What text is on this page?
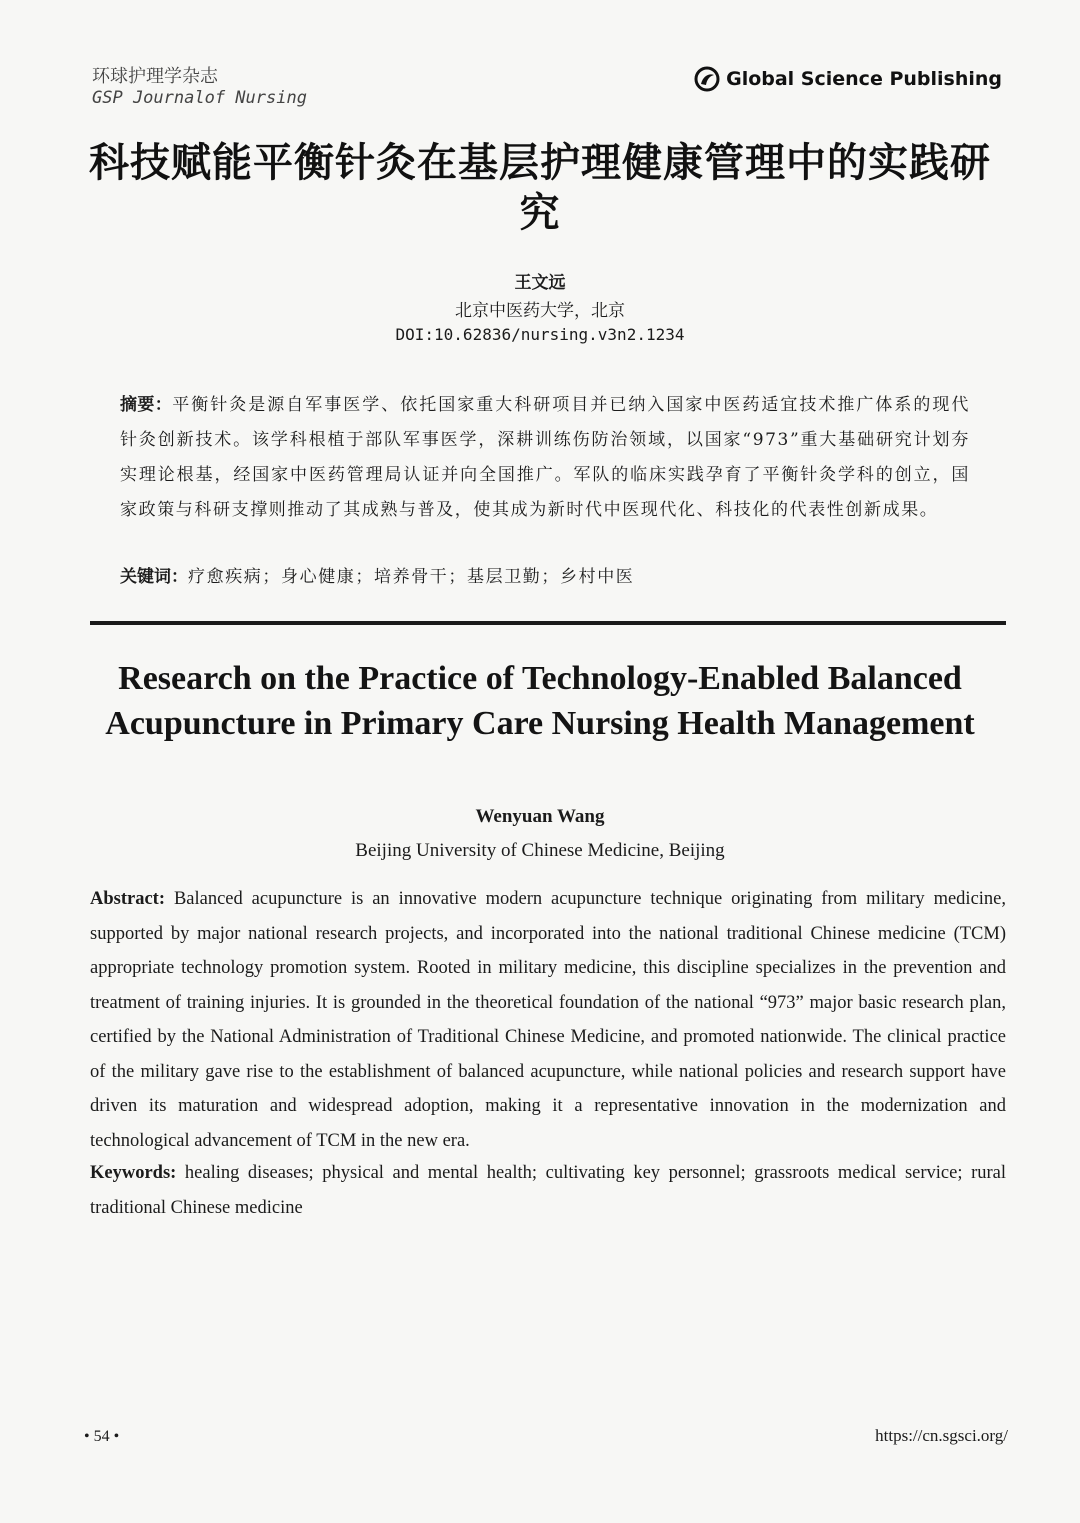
环球护理学杂志
GSP Journalof Nursing
Global Science Publishing
科技赋能平衡针灸在基层护理健康管理中的实践研究
王文远
北京中医药大学，北京
DOI:10.62836/nursing.v3n2.1234
摘要：平衡针灸是源自军事医学、依托国家重大科研项目并已纳入国家中医药适宜技术推广体系的现代针灸创新技术。该学科根植于部队军事医学，深耕训练伤防治领域，以国家“973”重大基础研究计划夯实理论根基，经国家中医药管理局认证并向全国推广。军队的临床实践孕育了平衡针灸学科的创立，国家政策与科研支撑则推动了其成熟与普及，使其成为新时代中医现代化、科技化的代表性创新成果。
关键词：疗愈疾病；身心健康；培养骨干；基层卫勤；乡村中医
Research on the Practice of Technology-Enabled Balanced Acupuncture in Primary Care Nursing Health Management
Wenyuan Wang
Beijing University of Chinese Medicine, Beijing
Abstract: Balanced acupuncture is an innovative modern acupuncture technique originating from military medicine, supported by major national research projects, and incorporated into the national traditional Chinese medicine (TCM) appropriate technology promotion system. Rooted in military medicine, this discipline specializes in the prevention and treatment of training injuries. It is grounded in the theoretical foundation of the national “973” major basic research plan, certified by the National Administration of Traditional Chinese Medicine, and promoted nationwide. The clinical practice of the military gave rise to the establishment of balanced acupuncture, while national policies and research support have driven its maturation and widespread adoption, making it a representative innovation in the modernization and technological advancement of TCM in the new era.
Keywords: healing diseases; physical and mental health; cultivating key personnel; grassroots medical service; rural traditional Chinese medicine
• 54 •	https://cn.sgsci.org/
